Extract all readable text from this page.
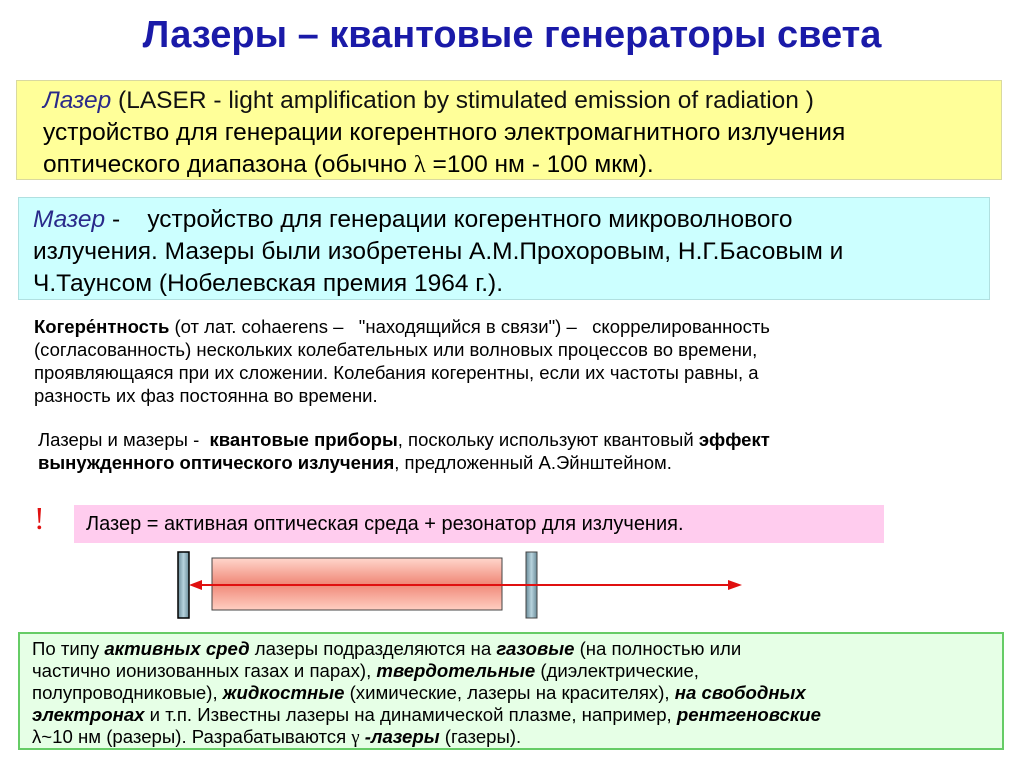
Лазеры – квантовые генераторы света
Лазер (LASER - light amplification by stimulated emission of radiation )
устройство для генерации когерентного электромагнитного излучения
оптического диапазона (обычно λ =100 нм - 100 мкм).
Мазер -    устройство для генерации когерентного микроволнового
излучения. Мазеры были изобретены А.М.Прохоровым, Н.Г.Басовым и
Ч.Таунсом (Нобелевская премия 1964 г.).
Когере́нтность (от лат. cohaerens –   "находящийся в связи") –   скоррелированность
(согласованность) нескольких колебательных или волновых процессов во времени,
проявляющаяся при их сложении. Колебания когерентны, если их частоты равны, а
разность их фаз постоянна во времени.
Лазеры и мазеры -  квантовые приборы, поскольку используют квантовый эффект
вынужденного оптического излучения, предложенный А.Эйнштейном.
!	Лазер = активная оптическая среда + резонатор для излучения.
По типу активных сред лазеры подразделяются на газовые (на полностью или
частично ионизованных газах и парах), твердотельные (диэлектрические,
полупроводниковые), жидкостные (химические, лазеры на красителях), на свободных
электронах и т.п. Известны лазеры на динамической плазме, например, рентгеновские
λ~10 нм (разеры). Разрабатываются γ -лазеры (газеры).
